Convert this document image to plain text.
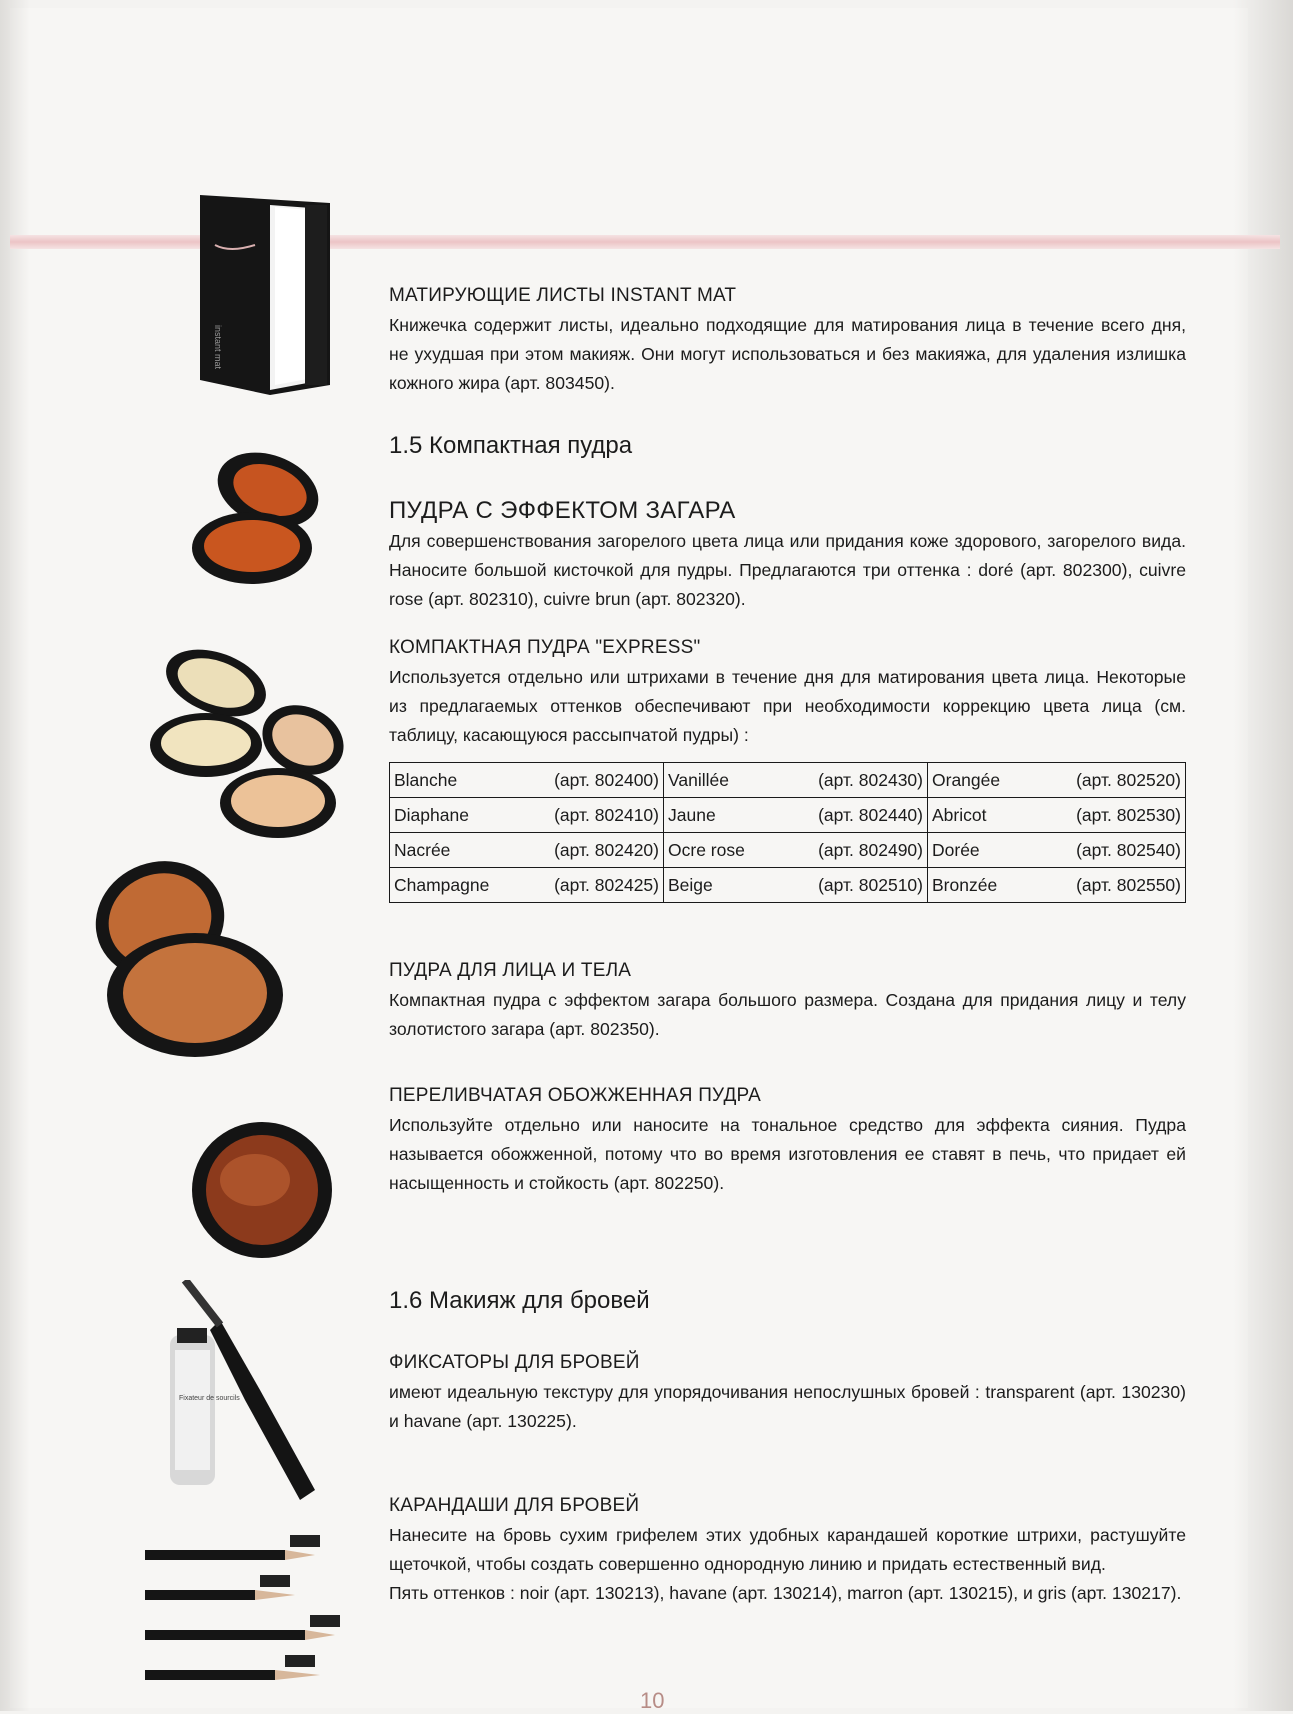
instant mat
Fixateur de sourcils
МАТИРУЮЩИЕ ЛИСТЫ INSTANT MAT

Книжечка содержит листы, идеально подходящие для матирования лица в течение всего дня, не ухудшая при этом макияж. Они могут использоваться и без макияжа, для удаления излишка кожного жира (арт. 803450).

1.5 Компактная пудра
ПУДРА С ЭФФЕКТОМ ЗАГАРА

Для совершенствования загорелого цвета лица или придания коже здорового, загорелого вида. Наносите большой кисточкой для пудры. Предлагаются три оттенка : doré (арт. 802300), cuivre rose (арт. 802310), cuivre brun (арт. 802320).

КОМПАКТНАЯ ПУДРА "EXPRESS"

Используется отдельно или штрихами в течение дня для матирования цвета лица. Некоторые из предлагаемых оттенков обеспечивают при необходимости коррекцию цвета лица (см. таблицу, касающуюся рассыпчатой пудры) :

Blanche (арт. 802400)	Vanillée (арт. 802430)	Orangée (арт. 802520)

Diaphane (арт. 802410)	Jaune (арт. 802440)	Abricot (арт. 802530)

Nacrée (арт. 802420)	Ocre rose (арт. 802490)	Dorée (арт. 802540)

Champagne (арт. 802425)	Beige (арт. 802510)	Bronzée (арт. 802550)
ПУДРА ДЛЯ ЛИЦА И ТЕЛА

Компактная пудра с эффектом загара большого размера. Создана для придания лицу и телу золотистого загара (арт. 802350).

ПЕРЕЛИВЧАТАЯ ОБОЖЖЕННАЯ ПУДРА

Используйте отдельно или наносите на тональное средство для эффекта сияния. Пудра называется обожженной, потому что во время изготовления ее ставят в печь, что придает ей насыщенность и стойкость (арт. 802250).

1.6 Макияж для бровей
ФИКСАТОРЫ ДЛЯ БРОВЕЙ

имеют идеальную текстуру для упорядочивания непослушных бровей : transparent (арт. 130230) и havane (арт. 130225).

КАРАНДАШИ ДЛЯ БРОВЕЙ

Нанесите на бровь сухим грифелем этих удобных карандашей короткие штрихи, растушуйте щеточкой, чтобы создать совершенно однородную линию и придать естественный вид.

Пять оттенков : noir (арт. 130213), havane (арт. 130214), marron (арт. 130215), и gris (арт. 130217).

10
